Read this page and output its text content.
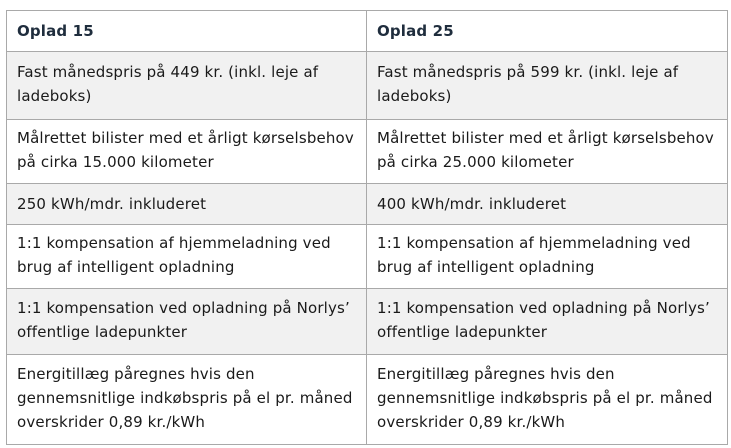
Oplad 15	Oplad 25
Fast månedspris på 449 kr. (inkl. leje af ladeboks)	Fast månedspris på 599 kr. (inkl. leje af ladeboks)
Målrettet bilister med et årligt kørselsbehov på cirka 15.000 kilometer	Målrettet bilister med et årligt kørselsbehov på cirka 25.000 kilometer
250 kWh/mdr. inkluderet	400 kWh/mdr. inkluderet
1:1 kompensation af hjemmeladning ved brug af intelligent opladning	1:1 kompensation af hjemmeladning ved brug af intelligent opladning
1:1 kompensation ved opladning på Norlys’ offentlige ladepunkter	1:1 kompensation ved opladning på Norlys’ offentlige ladepunkter
Energitillæg påregnes hvis den gennemsnitlige indkøbspris på el pr. måned overskrider 0,89 kr./kWh	Energitillæg påregnes hvis den gennemsnitlige indkøbspris på el pr. måned overskrider 0,89 kr./kWh
